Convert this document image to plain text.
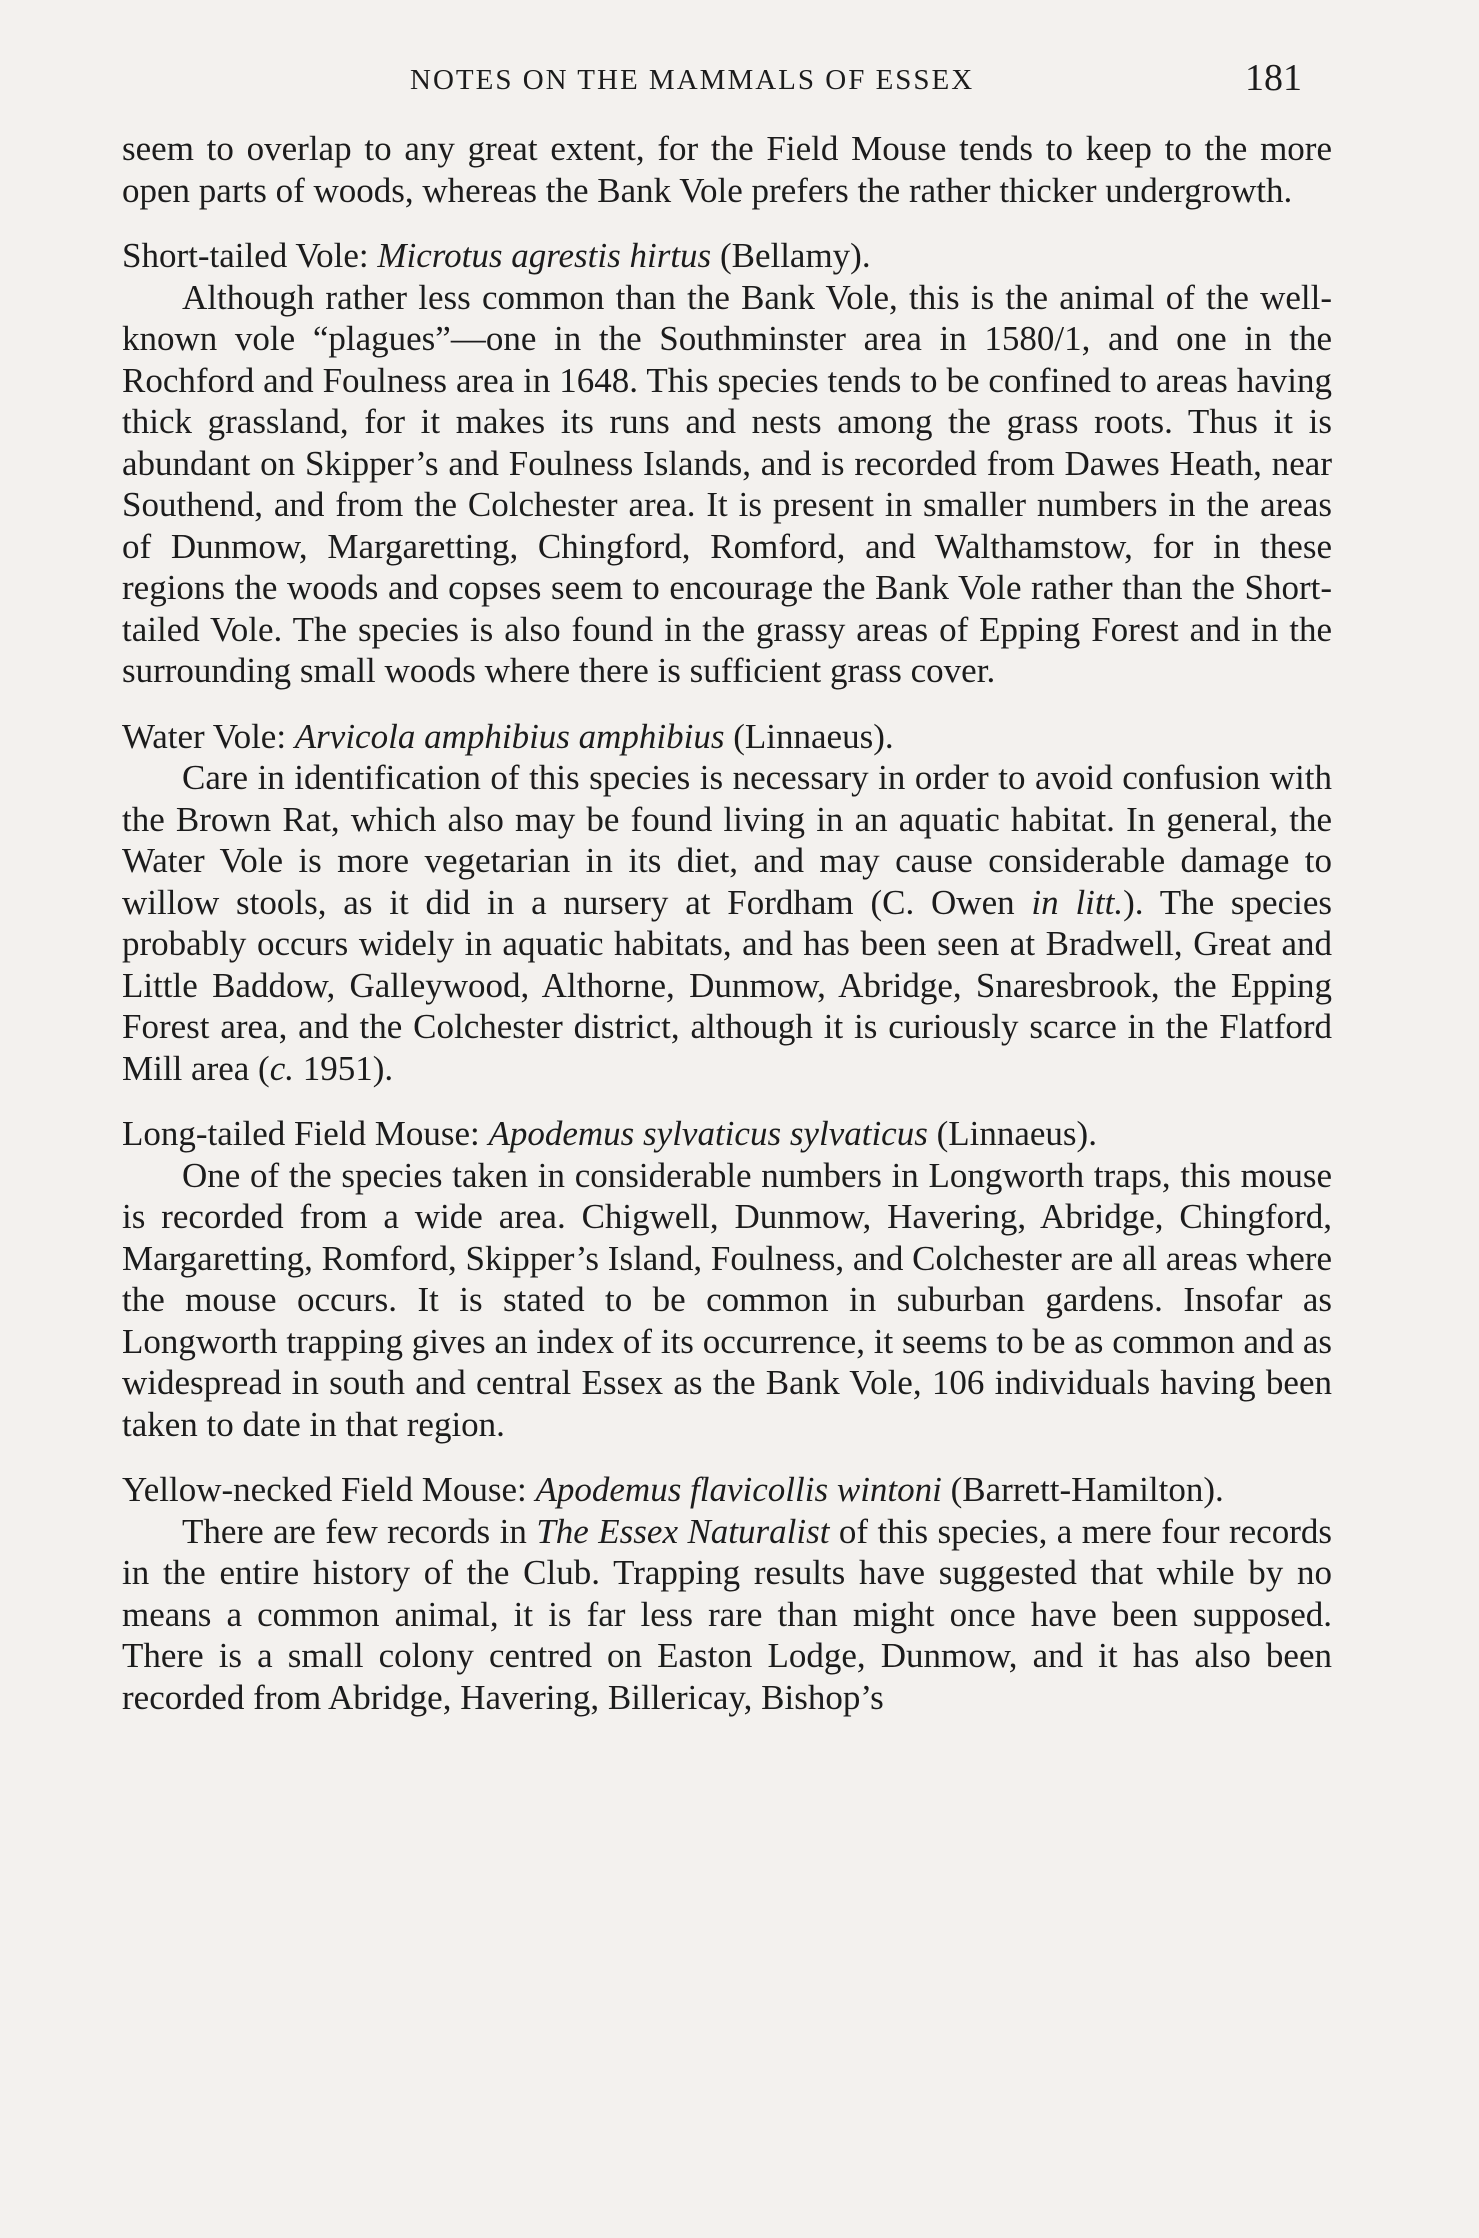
NOTES ON THE MAMMALS OF ESSEX	181

seem to overlap to any great extent, for the Field Mouse tends to keep to the more open parts of woods, whereas the Bank Vole prefers the rather thicker undergrowth.

Short-tailed Vole: Microtus agrestis hirtus (Bellamy).

Although rather less common than the Bank Vole, this is the animal of the well-known vole “plagues”—one in the Southminster area in 1580/1, and one in the Rochford and Foulness area in 1648. This species tends to be confined to areas having thick grassland, for it makes its runs and nests among the grass roots. Thus it is abundant on Skipper’s and Foulness Islands, and is recorded from Dawes Heath, near Southend, and from the Colchester area. It is present in smaller numbers in the areas of Dunmow, Margaretting, Chingford, Romford, and Walthamstow, for in these regions the woods and copses seem to encourage the Bank Vole rather than the Short-tailed Vole. The species is also found in the grassy areas of Epping Forest and in the surrounding small woods where there is sufficient grass cover.

Water Vole: Arvicola amphibius amphibius (Linnaeus).

Care in identification of this species is necessary in order to avoid confusion with the Brown Rat, which also may be found living in an aquatic habitat. In general, the Water Vole is more vegetarian in its diet, and may cause considerable damage to willow stools, as it did in a nursery at Fordham (C. Owen in litt.). The species probably occurs widely in aquatic habitats, and has been seen at Bradwell, Great and Little Baddow, Galleywood, Althorne, Dunmow, Abridge, Snaresbrook, the Epping Forest area, and the Colchester district, although it is curiously scarce in the Flatford Mill area (c. 1951).

Long-tailed Field Mouse: Apodemus sylvaticus sylvaticus (Linnaeus).

One of the species taken in considerable numbers in Longworth traps, this mouse is recorded from a wide area. Chigwell, Dunmow, Havering, Abridge, Chingford, Margaretting, Romford, Skipper’s Island, Foulness, and Colchester are all areas where the mouse occurs. It is stated to be common in suburban gardens. Insofar as Longworth trapping gives an index of its occurrence, it seems to be as common and as widespread in south and central Essex as the Bank Vole, 106 individuals having been taken to date in that region.

Yellow-necked Field Mouse: Apodemus flavicollis wintoni (Barrett-Hamilton).

There are few records in The Essex Naturalist of this species, a mere four records in the entire history of the Club. Trapping results have suggested that while by no means a common animal, it is far less rare than might once have been supposed. There is a small colony centred on Easton Lodge, Dunmow, and it has also been recorded from Abridge, Havering, Billericay, Bishop’s
